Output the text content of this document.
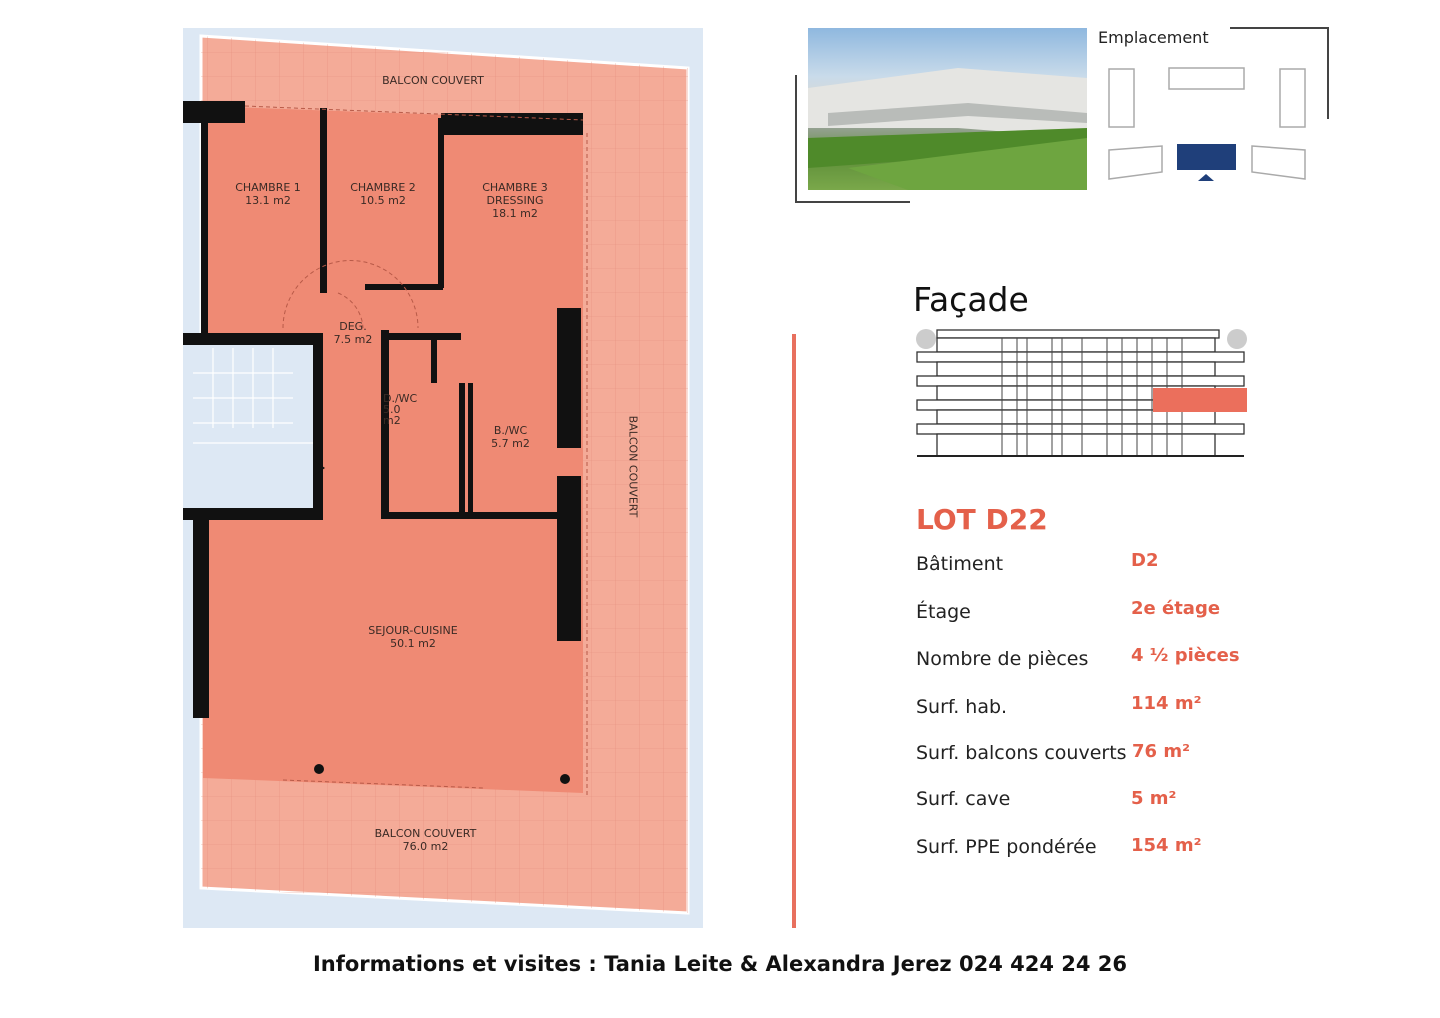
BALCON COUVERT
CHAMBRE 1
13.1 m2
CHAMBRE 2
10.5 m2
CHAMBRE 3
DRESSING
18.1 m2
DEG.
7.5 m2
D./WC
5.0
m2
B./WC
5.7 m2
SEJOUR-CUISINE
50.1 m2
BALCON COUVERT
BALCON COUVERT
76.0 m2
Emplacement
Façade
LOT D22
Bâtiment	D2
Étage	2e étage
Nombre de pièces 4 ½ pièces
Surf. hab.	114 m²
Surf. balcons couverts 76 m²
Surf. cave	5 m²
Surf. PPE pondérée 154 m²
Informations et visites : Tania Leite & Alexandra Jerez 024 424 24 26
